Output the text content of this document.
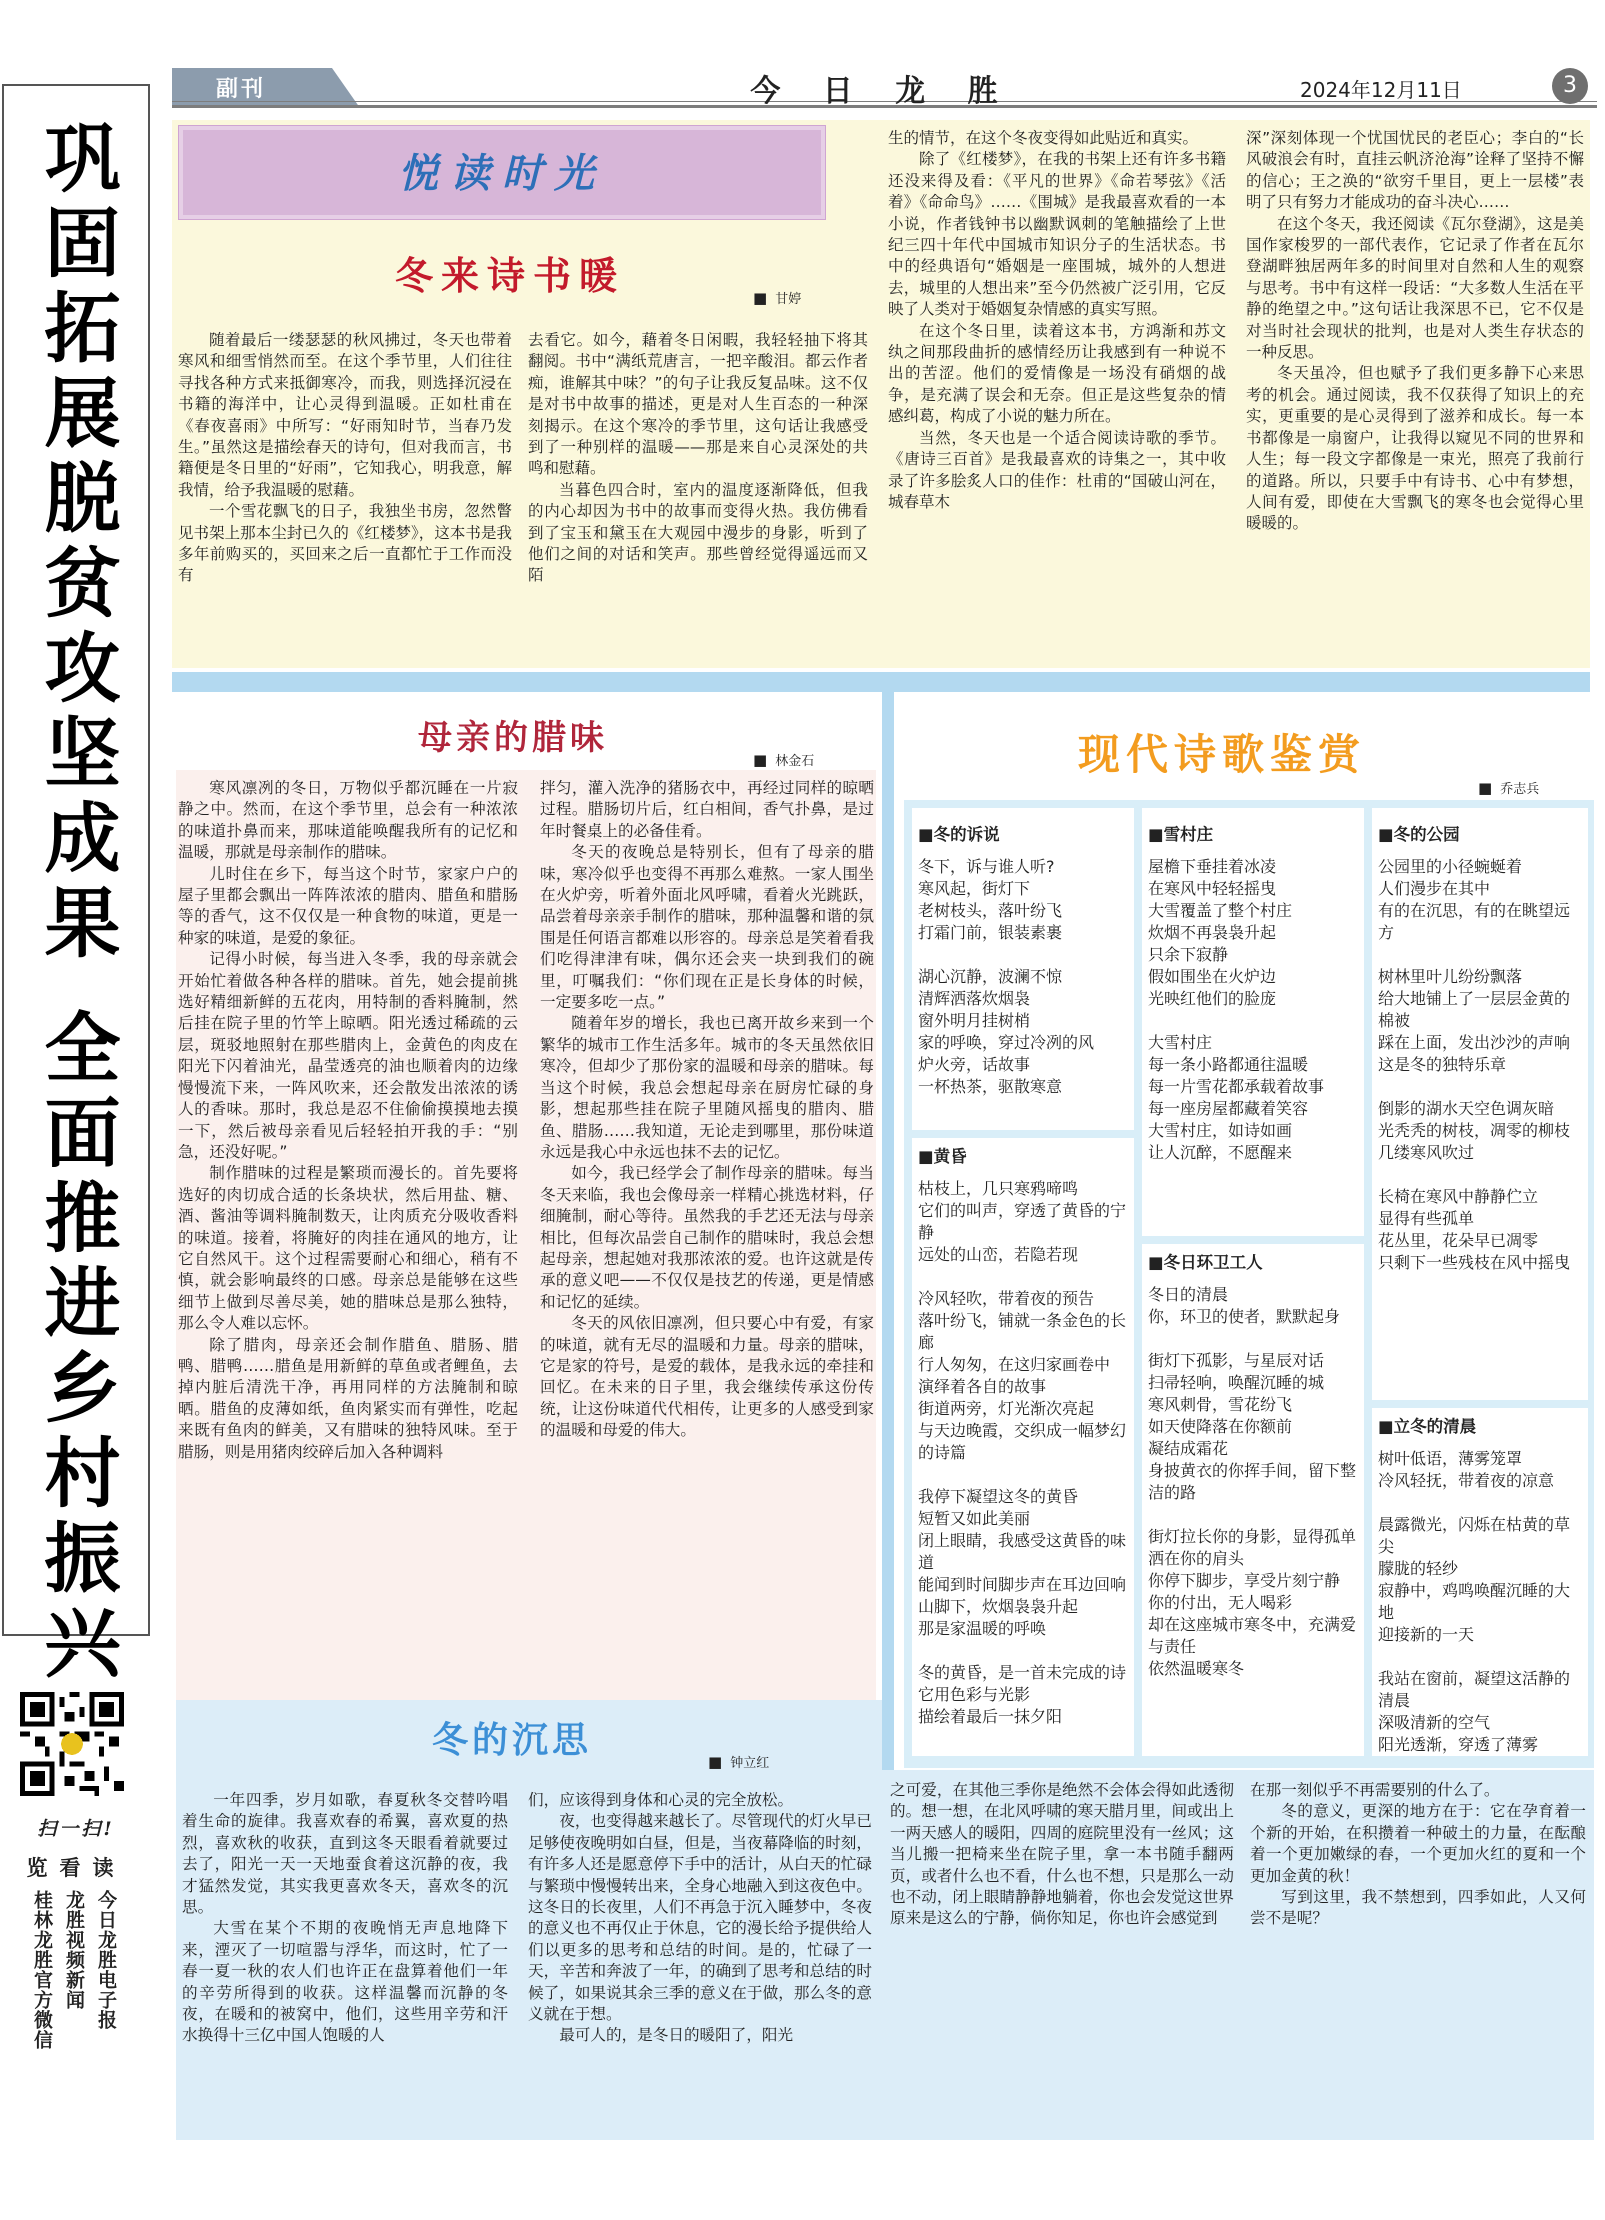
巩固拓展脱贫攻坚成果全面推进乡村振兴
扫一扫!
览看读
今日龙胜电子报
龙胜视频新闻
桂林龙胜官方微信
副刊	今 日 龙 胜	2024年12月11日	3
悦读时光
冬来诗书暖	■ 甘婷

随着最后一缕瑟瑟的秋风拂过，冬天也带着寒风和细雪悄然而至。在这个季节里，人们往往寻找各种方式来抵御寒冷，而我，则选择沉浸在书籍的海洋中，让心灵得到温暖。正如杜甫在《春夜喜雨》中所写：“好雨知时节，当春乃发生。”虽然这是描绘春天的诗句，但对我而言，书籍便是冬日里的“好雨”，它知我心，明我意，解我情，给予我温暖的慰藉。

一个雪花飘飞的日子，我独坐书房，忽然瞥见书架上那本尘封已久的《红楼梦》，这本书是我多年前购买的，买回来之后一直都忙于工作而没有

去看它。如今，藉着冬日闲暇，我轻轻抽下将其翻阅。书中“满纸荒唐言，一把辛酸泪。都云作者痴，谁解其中味？”的句子让我反复品味。这不仅是对书中故事的描述，更是对人生百态的一种深刻揭示。在这个寒冷的季节里，这句话让我感受到了一种别样的温暖——那是来自心灵深处的共鸣和慰藉。

当暮色四合时，室内的温度逐渐降低，但我的内心却因为书中的故事而变得火热。我仿佛看到了宝玉和黛玉在大观园中漫步的身影，听到了他们之间的对话和笑声。那些曾经觉得遥远而又陌

生的情节，在这个冬夜变得如此贴近和真实。

除了《红楼梦》，在我的书架上还有许多书籍还没来得及看：《平凡的世界》《命若琴弦》《活着》《命命鸟》……《围城》是我最喜欢看的一本小说，作者钱钟书以幽默讽刺的笔触描绘了上世纪三四十年代中国城市知识分子的生活状态。书中的经典语句“婚姻是一座围城，城外的人想进去，城里的人想出来”至今仍然被广泛引用，它反映了人类对于婚姻复杂情感的真实写照。

在这个冬日里，读着这本书，方鸿渐和苏文纨之间那段曲折的感情经历让我感到有一种说不出的苦涩。他们的爱情像是一场没有硝烟的战争，是充满了误会和无奈。但正是这些复杂的情感纠葛，构成了小说的魅力所在。

当然，冬天也是一个适合阅读诗歌的季节。《唐诗三百首》是我最喜欢的诗集之一，其中收录了许多脍炙人口的佳作：杜甫的“国破山河在，城春草木

深”深刻体现一个忧国忧民的老臣心；李白的“长风破浪会有时，直挂云帆济沧海”诠释了坚持不懈的信心；王之涣的“欲穷千里目，更上一层楼”表明了只有努力才能成功的奋斗决心……

在这个冬天，我还阅读《瓦尔登湖》，这是美国作家梭罗的一部代表作，它记录了作者在瓦尔登湖畔独居两年多的时间里对自然和人生的观察与思考。书中有这样一段话：“大多数人生活在平静的绝望之中。”这句话让我深思不已，它不仅是对当时社会现状的批判，也是对人类生存状态的一种反思。

冬天虽冷，但也赋予了我们更多静下心来思考的机会。通过阅读，我不仅获得了知识上的充实，更重要的是心灵得到了滋养和成长。每一本书都像是一扇窗户，让我得以窥见不同的世界和人生；每一段文字都像是一束光，照亮了我前行的道路。所以，只要手中有诗书、心中有梦想，人间有爱，即使在大雪飘飞的寒冬也会觉得心里暖暖的。

母亲的腊味
■ 林金石

寒风凛冽的冬日，万物似乎都沉睡在一片寂静之中。然而，在这个季节里，总会有一种浓浓的味道扑鼻而来，那味道能唤醒我所有的记忆和温暖，那就是母亲制作的腊味。

儿时住在乡下，每当这个时节，家家户户的屋子里都会飘出一阵阵浓浓的腊肉、腊鱼和腊肠等的香气，这不仅仅是一种食物的味道，更是一种家的味道，是爱的象征。

记得小时候，每当进入冬季，我的母亲就会开始忙着做各种各样的腊味。首先，她会提前挑选好精细新鲜的五花肉，用特制的香料腌制，然后挂在院子里的竹竿上晾晒。阳光透过稀疏的云层，斑驳地照射在那些腊肉上，金黄色的肉皮在阳光下闪着油光，晶莹透亮的油也顺着肉的边缘慢慢流下来，一阵风吹来，还会散发出浓浓的诱人的香味。那时，我总是忍不住偷偷摸摸地去摸一下，然后被母亲看见后轻轻拍开我的手：“别急，还没好呢。”

制作腊味的过程是繁琐而漫长的。首先要将选好的肉切成合适的长条块状，然后用盐、糖、酒、酱油等调料腌制数天，让肉质充分吸收香料的味道。接着，将腌好的肉挂在通风的地方，让它自然风干。这个过程需要耐心和细心，稍有不慎，就会影响最终的口感。母亲总是能够在这些细节上做到尽善尽美，她的腊味总是那么独特，那么令人难以忘怀。

除了腊肉，母亲还会制作腊鱼、腊肠、腊鸭、腊鸭……腊鱼是用新鲜的草鱼或者鲤鱼，去掉内脏后清洗干净，再用同样的方法腌制和晾晒。腊鱼的皮薄如纸，鱼肉紧实而有弹性，吃起来既有鱼肉的鲜美，又有腊味的独特风味。至于腊肠，则是用猪肉绞碎后加入各种调料

拌匀，灌入洗净的猪肠衣中，再经过同样的晾晒过程。腊肠切片后，红白相间，香气扑鼻，是过年时餐桌上的必备佳肴。

冬天的夜晚总是特别长，但有了母亲的腊味，寒冷似乎也变得不再那么难熬。一家人围坐在火炉旁，听着外面北风呼啸，看着火光跳跃，品尝着母亲亲手制作的腊味，那种温馨和谐的氛围是任何语言都难以形容的。母亲总是笑着看我们吃得津津有味，偶尔还会夹一块到我们的碗里，叮嘱我们：“你们现在正是长身体的时候，一定要多吃一点。”

随着年岁的增长，我也已离开故乡来到一个繁华的城市工作生活多年。城市的冬天虽然依旧寒冷，但却少了那份家的温暖和母亲的腊味。每当这个时候，我总会想起母亲在厨房忙碌的身影，想起那些挂在院子里随风摇曳的腊肉、腊鱼、腊肠……我知道，无论走到哪里，那份味道永远是我心中永远也抹不去的记忆。

如今，我已经学会了制作母亲的腊味。每当冬天来临，我也会像母亲一样精心挑选材料，仔细腌制，耐心等待。虽然我的手艺还无法与母亲相比，但每次品尝自己制作的腊味时，我总会想起母亲，想起她对我那浓浓的爱。也许这就是传承的意义吧——不仅仅是技艺的传递，更是情感和记忆的延续。

冬天的风依旧凛冽，但只要心中有爱，有家的味道，就有无尽的温暖和力量。母亲的腊味，它是家的符号，是爱的载体，是我永远的牵挂和回忆。在未来的日子里，我会继续传承这份传统，让这份味道代代相传，让更多的人感受到家的温暖和母爱的伟大。

现代诗歌鉴赏
■ 乔志兵
■冬的诉说
冬下，诉与谁人听?
寒风起，街灯下
老树枝头，落叶纷飞
打霜门前，银装素裹

湖心沉静，波澜不惊
清辉洒落炊烟袅
窗外明月挂树梢
家的呼唤，穿过冷冽的风
炉火旁，话故事
一杯热茶，驱散寒意
■黄昏
枯枝上，几只寒鸦啼鸣
它们的叫声，穿透了黄昏的宁静
远处的山峦，若隐若现

冷风轻吹，带着夜的预告
落叶纷飞，铺就一条金色的长廊
行人匆匆，在这归家画卷中
演绎着各自的故事
街道两旁，灯光渐次亮起
与天边晚霞，交织成一幅梦幻的诗篇

我停下凝望这冬的黄昏
短暂又如此美丽
闭上眼睛，我感受这黄昏的味道
能闻到时间脚步声在耳边回响
山脚下，炊烟袅袅升起
那是家温暖的呼唤

冬的黄昏，是一首未完成的诗
它用色彩与光影
描绘着最后一抹夕阳
■雪村庄
屋檐下垂挂着冰凌
在寒风中轻轻摇曳
大雪覆盖了整个村庄
炊烟不再袅袅升起
只余下寂静
假如围坐在火炉边
光映红他们的脸庞

大雪村庄
每一条小路都通往温暖
每一片雪花都承载着故事
每一座房屋都藏着笑容
大雪村庄，如诗如画
让人沉醉，不愿醒来
■冬日环卫工人
冬日的清晨
你，环卫的使者，默默起身

街灯下孤影，与星辰对话
扫帚轻响，唤醒沉睡的城
寒风刺骨，雪花纷飞
如天使降落在你额前
凝结成霜花
身披黄衣的你挥手间，留下整洁的路

街灯拉长你的身影，显得孤单
洒在你的肩头
你停下脚步，享受片刻宁静
你的付出，无人喝彩
却在这座城市寒冬中，充满爱与责任
依然温暖寒冬
■冬的公园
公园里的小径蜿蜒着
人们漫步在其中
有的在沉思，有的在眺望远方

树林里叶儿纷纷飘落
给大地铺上了一层层金黄的棉被
踩在上面，发出沙沙的声响
这是冬的独特乐章

倒影的湖水天空色调灰暗
光秃秃的树枝，凋零的柳枝
几缕寒风吹过

长椅在寒风中静静伫立
显得有些孤单
花丛里，花朵早已凋零
只剩下一些残枝在风中摇曳
■立冬的清晨
树叶低语，薄雾笼罩
冷风轻抚，带着夜的凉意

晨露微光，闪烁在枯黄的草尖
朦胧的轻纱
寂静中，鸡鸣唤醒沉睡的大地
迎接新的一天

我站在窗前，凝望这活静的清晨
深吸清新的空气
阳光透渐，穿透了薄雾
冬的沉思
■ 钟立红

一年四季，岁月如歌，春夏秋冬交替吟唱着生命的旋律。我喜欢春的希翼，喜欢夏的热烈，喜欢秋的收获，直到这冬天眼看着就要过去了，阳光一天一天地蚕食着这沉静的夜，我才猛然发觉，其实我更喜欢冬天，喜欢冬的沉思。

大雪在某个不期的夜晚悄无声息地降下来，湮灭了一切喧嚣与浮华，而这时，忙了一春一夏一秋的农人们也许正在盘算着他们一年的辛劳所得到的收获。这样温馨而沉静的冬夜，在暖和的被窝中，他们，这些用辛劳和汗水换得十三亿中国人饱暖的人

们，应该得到身体和心灵的完全放松。

夜，也变得越来越长了。尽管现代的灯火早已足够使夜晚明如白昼，但是，当夜幕降临的时刻，有许多人还是愿意停下手中的活计，从白天的忙碌与繁琐中慢慢转出来，全身心地融入到这夜色中。这冬日的长夜里，人们不再急于沉入睡梦中，冬夜的意义也不再仅止于休息，它的漫长给予提供给人们以更多的思考和总结的时间。是的，忙碌了一天，辛苦和奔波了一年，的确到了思考和总结的时候了，如果说其余三季的意义在于做，那么冬的意义就在于想。

最可人的，是冬日的暖阳了，阳光

之可爱，在其他三季你是绝然不会体会得如此透彻的。想一想，在北风呼啸的寒天腊月里，间或出上一两天感人的暖阳，四周的庭院里没有一丝风；这当儿搬一把椅来坐在院子里，拿一本书随手翻两页，或者什么也不看，什么也不想，只是那么一动也不动，闭上眼睛静静地躺着，你也会发觉这世界原来是这么的宁静，倘你知足，你也许会感觉到

在那一刻似乎不再需要别的什么了。

冬的意义，更深的地方在于：它在孕育着一个新的开始，在积攒着一种破土的力量，在酝酿着一个更加嫩绿的春，一个更加火红的夏和一个更加金黄的秋！

写到这里，我不禁想到，四季如此，人又何尝不是呢？
